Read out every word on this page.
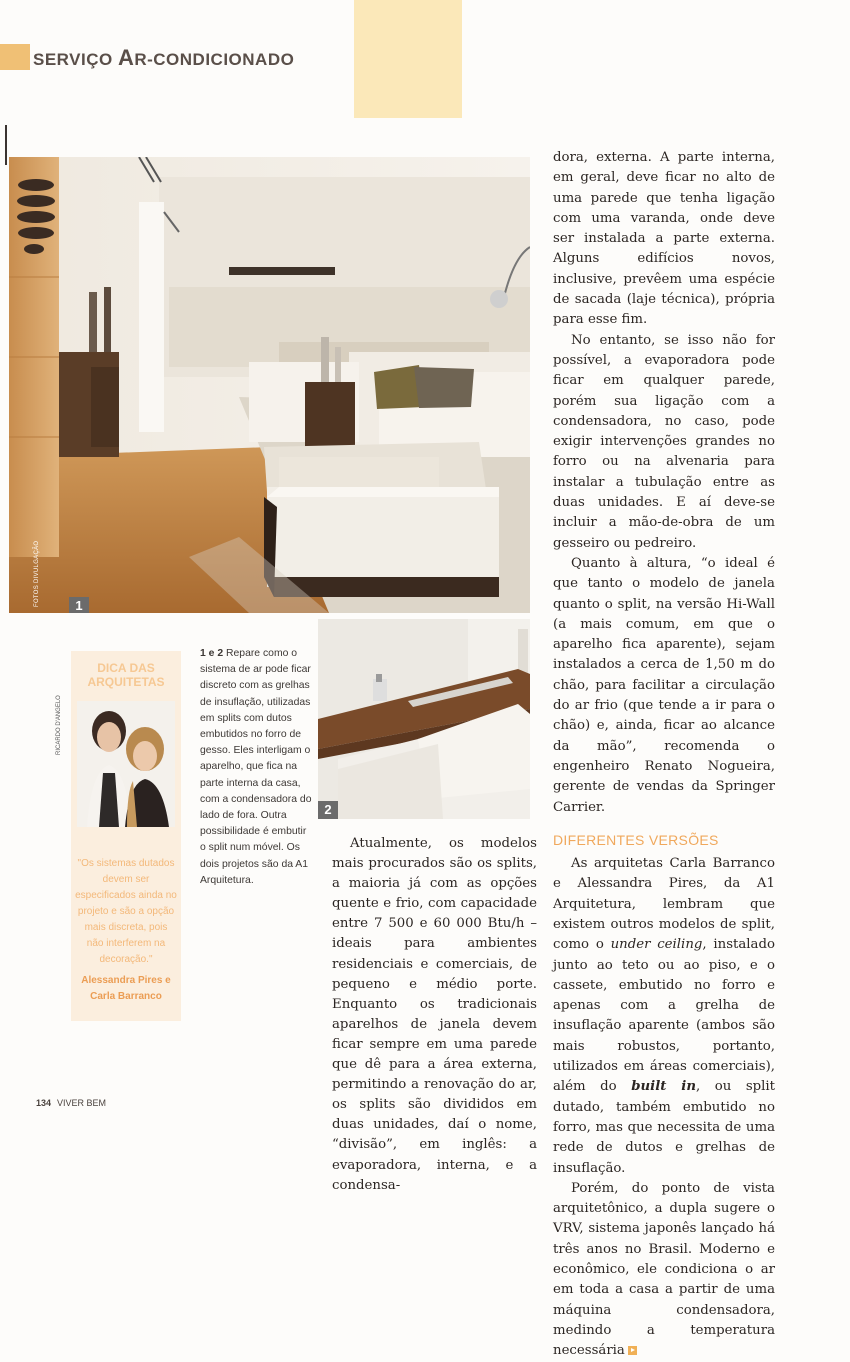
SERVIÇO AR-CONDICIONADO
FOTOS DIVULGAÇÃO	1
2
DICA DAS ARQUITETAS
"Os sistemas dutados devem ser especificados ainda no projeto e são a opção mais discreta, pois não interferem na decoração."
Alessandra Pires e Carla Barranco
RICARDO D'ANGELO
1 e 2 Repare como o sistema de ar pode ficar discreto com as grelhas de insuflação, utilizadas em splits com dutos embutidos no forro de gesso. Eles interligam o aparelho, que fica na parte interna da casa, com a condensadora do lado de fora. Outra possibilidade é embutir o split num móvel. Os dois projetos são da A1 Arquitetura.

Atualmente, os modelos mais procurados são os splits, a maioria já com as opções quente e frio, com capacidade entre 7 500 e 60 000 Btu/h – ideais para ambientes residenciais e comerciais, de pequeno e médio porte. Enquanto os tradicionais aparelhos de janela devem ficar sempre em uma parede que dê para a área externa, permitindo a renovação do ar, os splits são divididos em duas unidades, daí o nome, “divisão”, em inglês: a evaporadora, interna, e a condensa-

dora, externa. A parte interna, em geral, deve ficar no alto de uma parede que tenha ligação com uma varanda, onde deve ser instalada a parte externa. Alguns edifícios novos, inclusive, prevêem uma espécie de sacada (laje técnica), própria para esse fim.

No entanto, se isso não for possível, a evaporadora pode ficar em qualquer parede, porém sua ligação com a condensadora, no caso, pode exigir intervenções grandes no forro ou na alvenaria para instalar a tubulação entre as duas unidades. E aí deve-se incluir a mão-de-obra de um gesseiro ou pedreiro.

Quanto à altura, “o ideal é que tanto o modelo de janela quanto o split, na versão Hi-Wall (a mais comum, em que o aparelho fica aparente), sejam instalados a cerca de 1,50 m do chão, para facilitar a circulação do ar frio (que tende a ir para o chão) e, ainda, ficar ao alcance da mão”, recomenda o engenheiro Renato Nogueira, gerente de vendas da Springer Carrier.

DIFERENTES VERSÕES

As arquitetas Carla Barranco e Alessandra Pires, da A1 Arquitetura, lembram que existem outros modelos de split, como o under ceiling, instalado junto ao teto ou ao piso, e o cassete, embutido no forro e apenas com a grelha de insuflação aparente (ambos são mais robustos, portanto, utilizados em áreas comerciais), além do built in, ou split dutado, também embutido no forro, mas que necessita de uma rede de dutos e grelhas de insuflação.

Porém, do ponto de vista arquitetônico, a dupla sugere o VRV, sistema japonês lançado há três anos no Brasil. Moderno e econômico, ele condiciona o ar em toda a casa a partir de uma máquina condensadora, medindo a temperatura necessária

134 VIVER BEM
